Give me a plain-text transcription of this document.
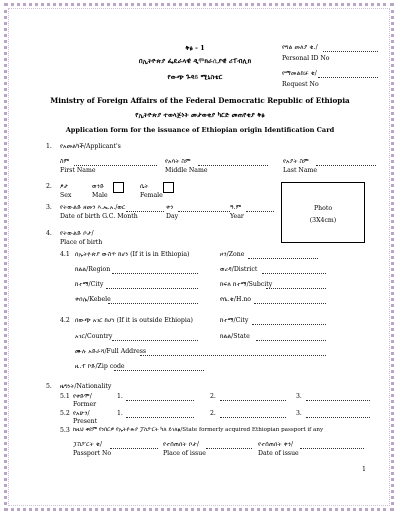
ቅፅ - 1
በኢትዮጵያ ፌዴራላዊ ዲሞክራሲያዊ ሪፐብሊክ
የውጭ ጉዳይ ሚኒስቴር
የግል መለያ ቁ./
Personal ID No
የማመልከቻ ቁ/
Request No
Ministry of Foreign Affairs of the Federal Democratic Republic of Ethiopia
የኢትዮጵያ ተወላጅነት መታወቂያ ካርድ መጠየቂያ ቅፅ
Application form for the issuance of Ethiopian origin Identification Card
1. የአመልካች/Applicant's
ስም
First Name
የአባት ስም
Middle Name
የአያት ስም
Last Name
2. ፆታ
Sex
ወንድ
Male
ሴት
Female
3. የትውልድ ዘመን እ.ኤ.አ./ወር
Date of birth G.C. Month
ቀን
Day
ዓ.ም
Year
Photo
(3X4cm)
4. የትውልድ ቦታ/
Place of birth
4.1 በኢትዮጵያ ውስጥ ከሆነ (If it is in Ethiopia)	ዞን/Zone
ክልል/Region	ወረዳ/District
ከተማ/City	ክፍለ ከተማ/Subcity
ቀበሌ/Kebele	የቤ.ቁ/H.no
4.2 በውጭ አገር ከሆነ (If it is outside Ethiopia)	ከተማ/City
አገር/Country	ክልል/State
ሙሉ አድራሻ/Full Address
ዚ.ፕ ኮድ/Zip code
5. ዜግነት/Nationality
5.1 የቀድሞ/
Former
1.	2.	3.
5.2 የአሁን/
Present
1.	2.	3.
5.3 ከዚህ ቀደም የነበርዎ የኢትዮጵያ ፓስፖርት ካለ ይገለፅ/State formerly acquired Ethiopian passport if any
ፓስፖርት ቁ/
Passport No
የተሰጠበት ቦታ/
Place of issue
የተሰጠበት ቀን/
Date of issue
1
